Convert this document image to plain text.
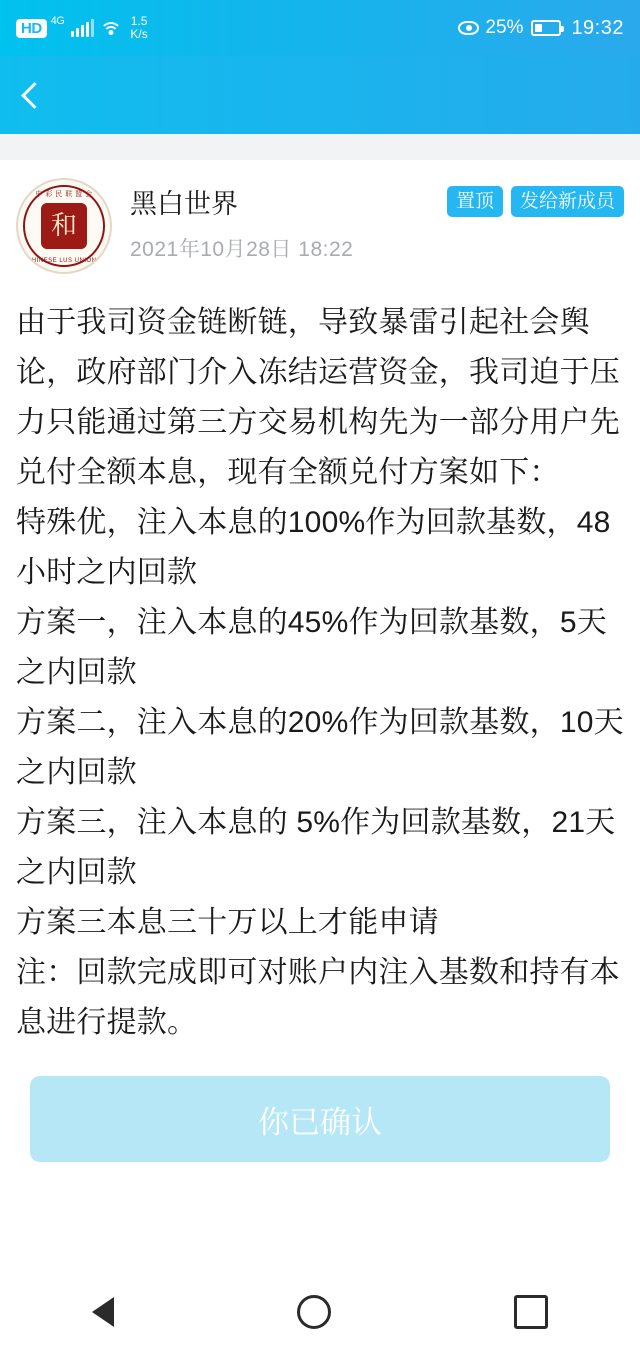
HD 4G	1.5
K/s	25% 19:32
中 彩 民 联 盟 会
和
CHINESE LUS UNIONS
黑白世界	置顶	发给新成员
2021年10月28日 18:22

由于我司资金链断链，导致暴雷引起社会舆论，政府部门介入冻结运营资金，我司迫于压力只能通过第三方交易机构先为一部分用户先兑付全额本息，现有全额兑付方案如下：

特殊优，注入本息的100%作为回款基数，48小时之内回款

方案一，注入本息的45%作为回款基数，5天之内回款

方案二，注入本息的20%作为回款基数，10天之内回款

方案三，注入本息的 5%作为回款基数，21天之内回款

方案三本息三十万以上才能申请

注：回款完成即可对账户内注入基数和持有本息进行提款。

你已确认
